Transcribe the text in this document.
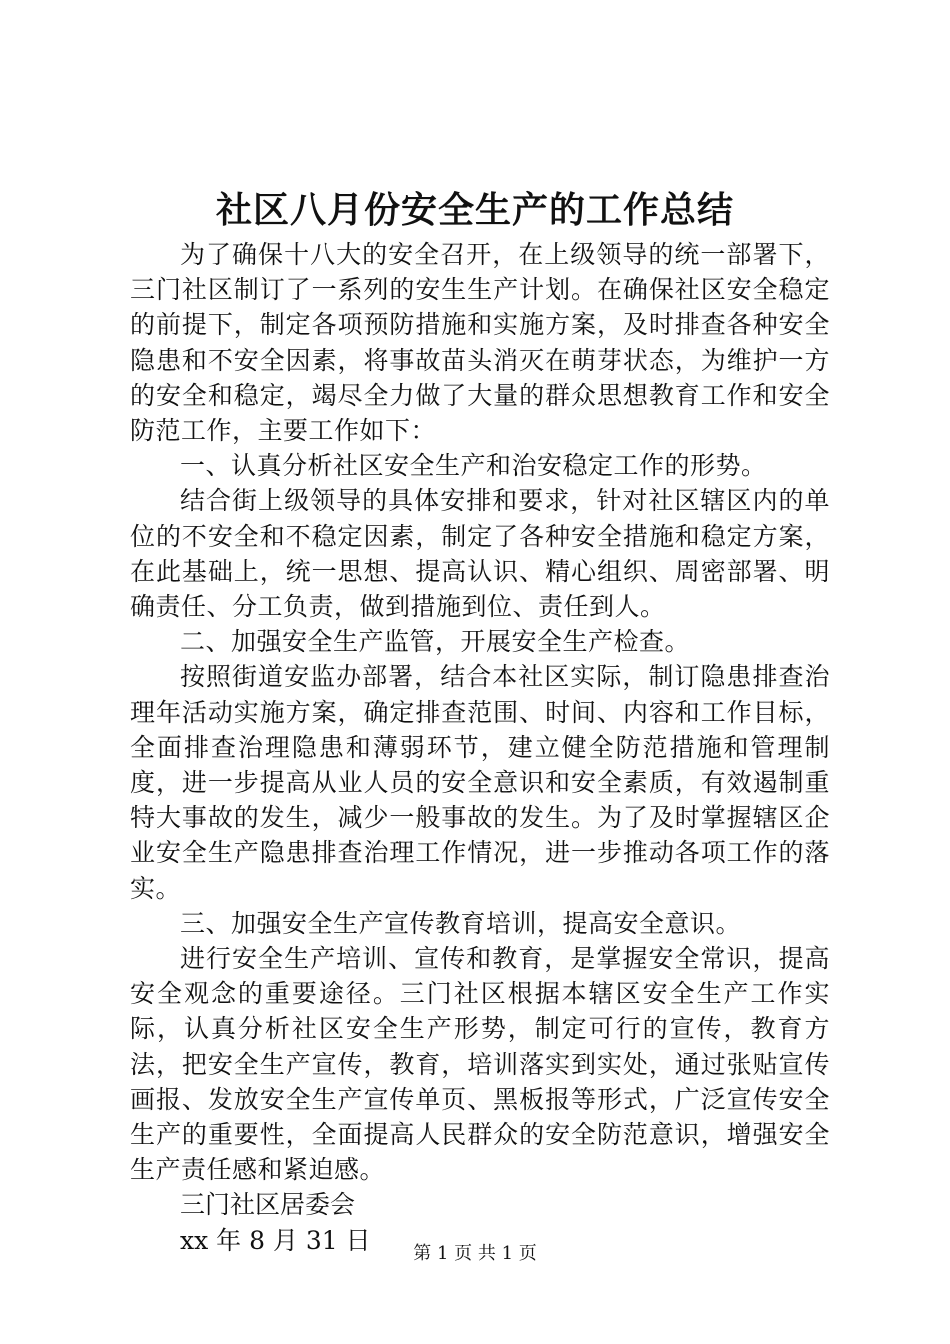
社区八月份安全生产的工作总结

为了确保十八大的安全召开，在上级领导的统一部署下，三门社区制订了一系列的安生生产计划。在确保社区安全稳定的前提下，制定各项预防措施和实施方案，及时排查各种安全隐患和不安全因素，将事故苗头消灭在萌芽状态，为维护一方的安全和稳定，竭尽全力做了大量的群众思想教育工作和安全防范工作，主要工作如下：

一、认真分析社区安全生产和治安稳定工作的形势。

结合街上级领导的具体安排和要求，针对社区辖区内的单位的不安全和不稳定因素，制定了各种安全措施和稳定方案，在此基础上，统一思想、提高认识、精心组织、周密部署、明确责任、分工负责，做到措施到位、责任到人。

二、加强安全生产监管，开展安全生产检查。

按照街道安监办部署，结合本社区实际，制订隐患排查治理年活动实施方案，确定排查范围、时间、内容和工作目标，全面排查治理隐患和薄弱环节，建立健全防范措施和管理制度，进一步提高从业人员的安全意识和安全素质，有效遏制重特大事故的发生，减少一般事故的发生。为了及时掌握辖区企业安全生产隐患排查治理工作情况，进一步推动各项工作的落实。

三、加强安全生产宣传教育培训，提高安全意识。

进行安全生产培训、宣传和教育，是掌握安全常识，提高安全观念的重要途径。三门社区根据本辖区安全生产工作实际，认真分析社区安全生产形势，制定可行的宣传，教育方法，把安全生产宣传，教育，培训落实到实处，通过张贴宣传画报、发放安全生产宣传单页、黑板报等形式，广泛宣传安全生产的重要性，全面提高人民群众的安全防范意识，增强安全生产责任感和紧迫感。

三门社区居委会

xx 年 8 月 31 日	第 1 页 共 1 页
